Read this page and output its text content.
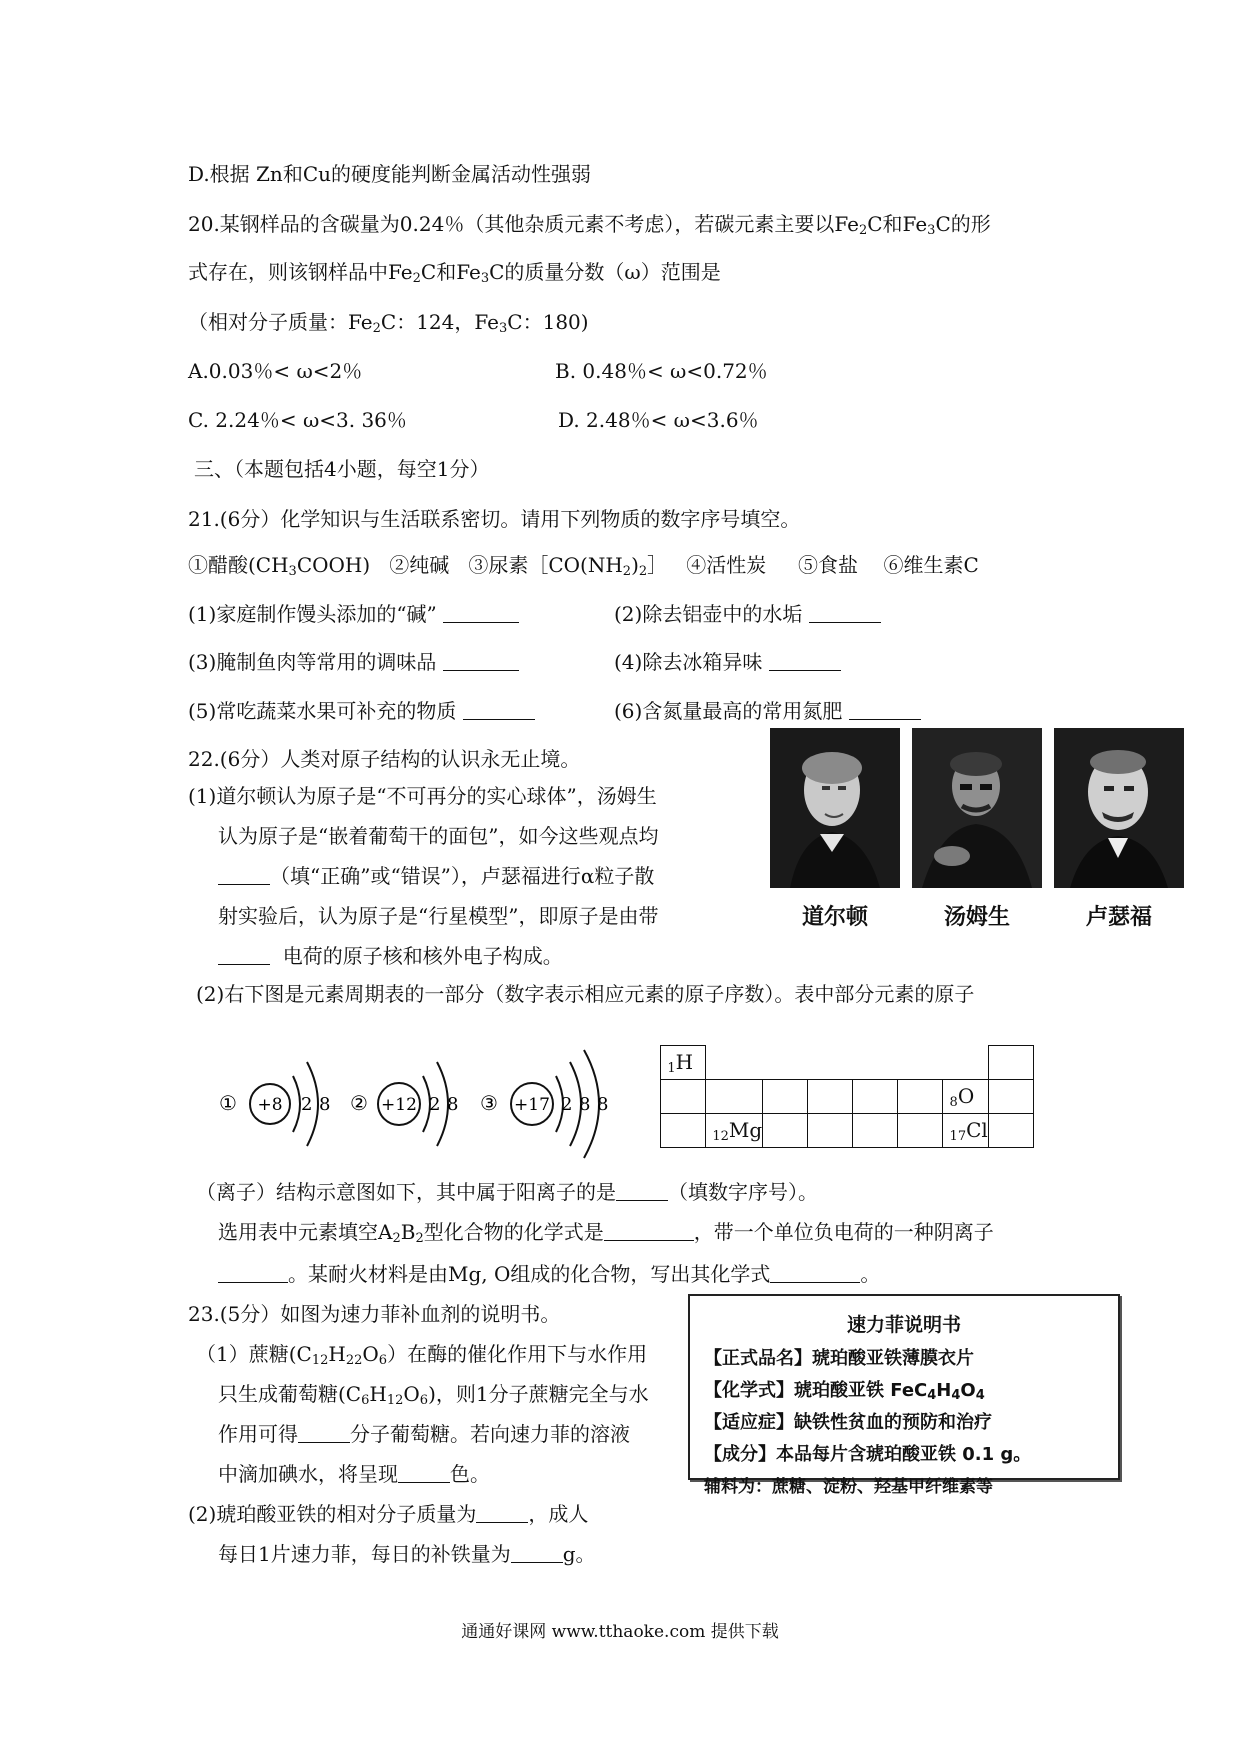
D.根据 Zn和Cu的硬度能判断金属活动性强弱
20.某钢样品的含碳量为0.24％（其他杂质元素不考虑），若碳元素主要以$Fe_2C$和$Fe_3C$的形
式存在，则该钢样品中$Fe_2C$和$Fe_3C$的质量分数（ω）范围是
（相对分子质量：$Fe_2C$：124，$Fe_3C$：180)
A.0.03％< ω<2％	B. 0.48％< ω<0.72％
C. 2.24％< ω<3. 36％	D. 2.48％< ω<3.6％
三、（本题包括4小题，每空1分）
21.(6分）化学知识与生活联系密切。请用下列物质的数字序号填空。
①醋酸$(CH_3COOH)$ ②纯碱 ③尿素$[CO(NH_2)_2]$ ④活性炭 ⑤食盐 ⑥维生素C
(1)家庭制作馒头添加的“碱”	(2)除去铝壶中的水垢
(3)腌制鱼肉等常用的调味品	(4)除去冰箱异味
(5)常吃蔬菜水果可补充的物质	(6)含氮量最高的常用氮肥
22.(6分）人类对原子结构的认识永无止境。
(1)道尔顿认为原子是“不可再分的实心球体”，汤姆生
认为原子是“嵌着葡萄干的面包”，如今这些观点均
（填“正确”或“错误”），卢瑟福进行α粒子散
射实验后，认为原子是“行星模型”，即原子是由带
电荷的原子核和核外电子构成。
道尔顿	汤姆生	卢瑟福
(2)右下图是元素周期表的一部分（数字表示相应元素的原子序数）。表中部分元素的原子
① +8 2 8 ② +12 2 8 ③ +17 2 8 8
$_1$H							
						$_8$O	
	$_{12}$Mg					$_{17}$Cl	
（离子）结构示意图如下，其中属于阳离子的是	（填数字序号）。
选用表中元素填空$A_2B_2$型化合物的化学式是	，带一个单位负电荷的一种阴离子
。某耐火材料是由Mg, O组成的化合物，写出其化学式	。
23.(5分）如图为速力菲补血剂的说明书。
（1）蔗糖$(C_{12}H_{22}O_6)$在酶的催化作用下与水作用
只生成葡萄糖$(C_6H_{12}O_6)$，则1分子蔗糖完全与水
作用可得	分子葡萄糖。若向速力菲的溶液
中滴加碘水，将呈现	色。
(2)琥珀酸亚铁的相对分子质量为	，成人
每日1片速力菲，每日的补铁量为	g。
速力菲说明书
【正式品名】琥珀酸亚铁薄膜衣片
【化学式】琥珀酸亚铁 $FeC_4H_4O_4$
【适应症】缺铁性贫血的预防和治疗
【成分】本品每片含琥珀酸亚铁 0.1 g。
辅料为：蔗糖、淀粉、羟基甲纤维素等
通通好课网 www.tthaoke.com 提供下载
